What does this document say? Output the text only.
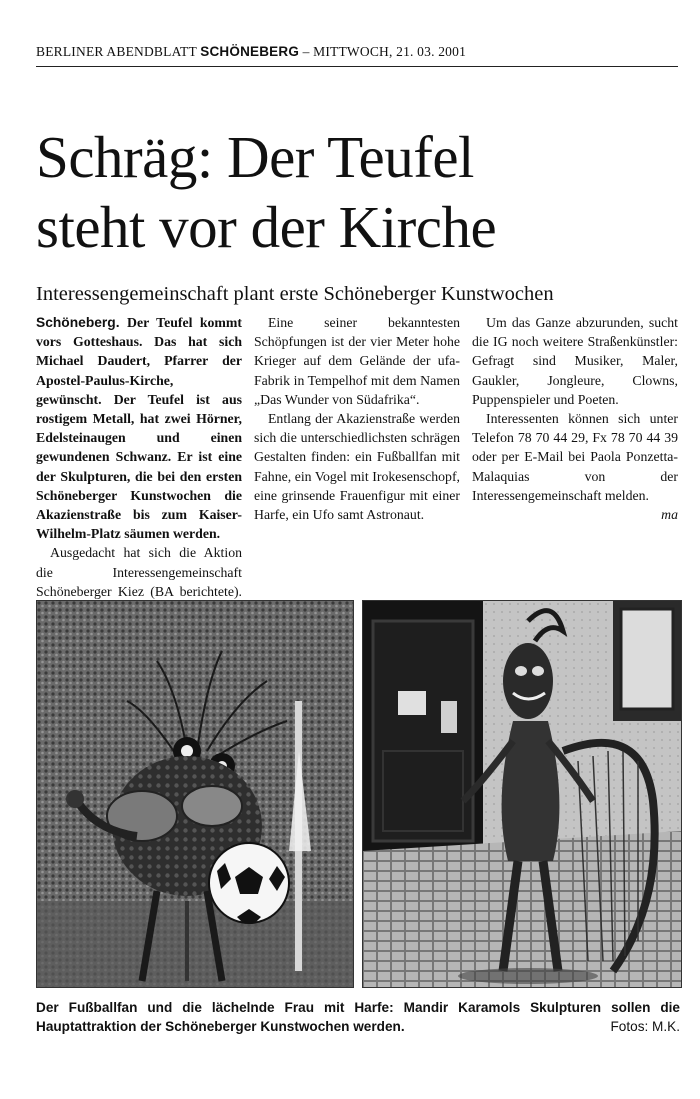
BERLINER ABENDBLATT SCHÖNEBERG – MITTWOCH, 21. 03. 2001
Schräg: Der Teufel
steht vor der Kirche
Interessengemeinschaft plant erste Schöneberger Kunstwochen

Schöneberg. Der Teufel kommt vors Gotteshaus. Das hat sich Michael Daudert, Pfarrer der Apostel-Paulus-Kirche, gewünscht. Der Teufel ist aus rostigem Metall, hat zwei Hörner, Edelsteinaugen und einen gewundenen Schwanz. Er ist eine der Skulpturen, die bei den ersten Schöneberger Kunstwochen die Akazienstraße bis zum Kaiser-Wilhelm-Platz säumen werden.

Ausgedacht hat sich die Aktion die Interessengemeinschaft Schöneberger Kiez (BA berichtete).

Eine seiner bekanntesten Schöpfungen ist der vier Meter hohe Krieger auf dem Gelände der ufa-Fabrik in Tempelhof mit dem Namen „Das Wunder von Südafrika“.

Entlang der Akazienstraße werden sich die unterschiedlichsten schrägen Gestalten finden: ein Fußballfan mit Fahne, ein Vogel mit Irokesenschopf, eine grinsende Frauenfigur mit einer Harfe, ein Ufo samt Astronaut.

Um das Ganze abzurunden, sucht die IG noch weitere Straßenkünstler: Gefragt sind Musiker, Maler, Gaukler, Jongleure, Clowns, Puppenspieler und Poeten.

Interessenten können sich unter Telefon 78 70 44 29, Fx 78 70 44 39 oder per E-Mail bei Paola Ponzetta-Malaquias von der Interessengemeinschaft melden.
ma

Der Fußballfan und die lächelnde Frau mit Harfe: Mandir Karamols Skulpturen sollen die Hauptattraktion der Schöneberger Kunstwochen werden.	Fotos: M.K.
